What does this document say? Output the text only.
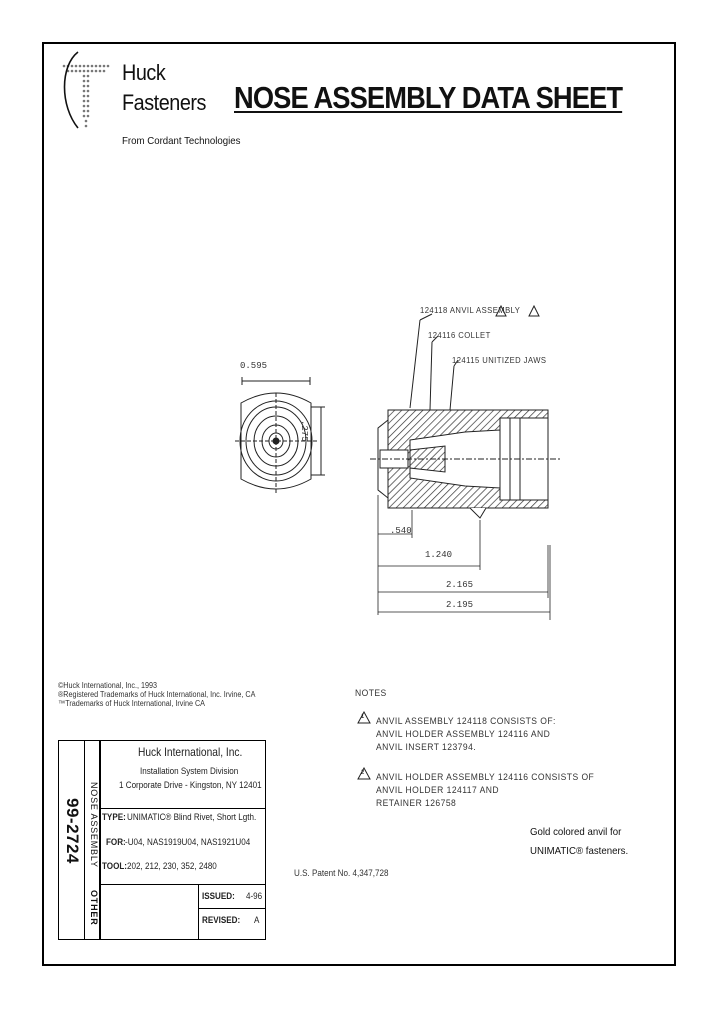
Huck
Fasteners
From Cordant Technologies
NOSE ASSEMBLY DATA SHEET
0.595
.275
124118 ANVIL ASSEMBLY
124116 COLLET
124115 UNITIZED JAWS
.540
1.240
2.165
2.195
©Huck International, Inc., 1993
®Registered Trademarks of Huck International, Inc. Irvine, CA
™Trademarks of Huck International, Irvine CA
NOTES
1 ANVIL ASSEMBLY 124118 CONSISTS OF:
ANVIL HOLDER ASSEMBLY 124116 AND
ANVIL INSERT 123794.
2 ANVIL HOLDER ASSEMBLY 124116 CONSISTS OF
ANVIL HOLDER 124117 AND
RETAINER 126758
Gold colored anvil for
UNIMATIC® fasteners.
U.S. Patent No. 4,347,728
99-2724 NOSE ASSEMBLY
OTHER
Huck International, Inc.
Installation System Division
1 Corporate Drive - Kingston, NY 12401
TYPE: UNIMATIC® Blind Rivet, Short Lgth.
FOR: -U04, NAS1919U04, NAS1921U04
TOOL: 202, 212, 230, 352, 2480
ISSUED: 4-96
REVISED: A
